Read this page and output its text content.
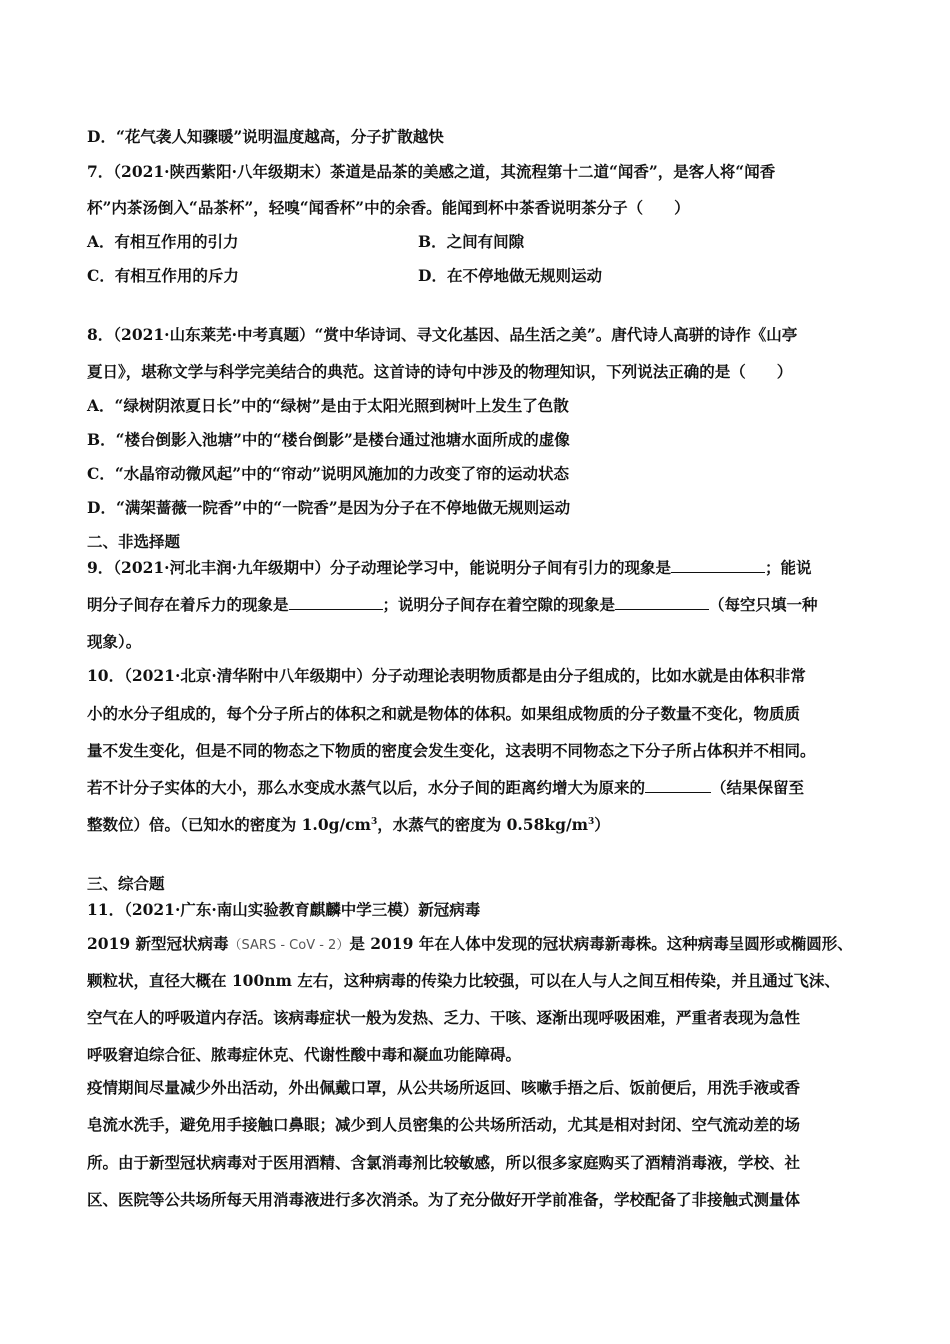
D．“花气袭人知骤暖”说明温度越高，分子扩散越快
7．（2021·陕西紫阳·八年级期末）茶道是品茶的美感之道，其流程第十二道“闻香”，是客人将“闻香
杯”内茶汤倒入“品茶杯”，轻嗅“闻香杯”中的余香。能闻到杯中茶香说明茶分子（　　）
A．有相互作用的引力	B．之间有间隙
C．有相互作用的斥力	D．在不停地做无规则运动
8．（2021·山东莱芜·中考真题）“赏中华诗词、寻文化基因、品生活之美”。唐代诗人高骈的诗作《山亭
夏日》，堪称文学与科学完美结合的典范。这首诗的诗句中涉及的物理知识，下列说法正确的是（　　）
A．“绿树阴浓夏日长”中的“绿树”是由于太阳光照到树叶上发生了色散
B．“楼台倒影入池塘”中的“楼台倒影”是楼台通过池塘水面所成的虚像
C．“水晶帘动微风起”中的“帘动”说明风施加的力改变了帘的运动状态
D．“满架蔷薇一院香”中的“一院香”是因为分子在不停地做无规则运动
二、非选择题
9．（2021·河北丰润·九年级期中）分子动理论学习中，能说明分子间有引力的现象是	；能说
明分子间存在着斥力的现象是	；说明分子间存在着空隙的现象是	（每空只填一种
现象）。
10．（2021·北京·清华附中八年级期中）分子动理论表明物质都是由分子组成的，比如水就是由体积非常
小的水分子组成的，每个分子所占的体积之和就是物体的体积。如果组成物质的分子数量不变化，物质质
量不发生变化，但是不同的物态之下物质的密度会发生变化，这表明不同物态之下分子所占体积并不相同。
若不计分子实体的大小，那么水变成水蒸气以后，水分子间的距离约增大为原来的	（结果保留至
整数位）倍。（已知水的密度为 $1.0g/cm^3$，水蒸气的密度为 $0.58kg/m^3$）
三、综合题
11．（2021·广东·南山实验教育麒麟中学三模）新冠病毒
2019 新型冠状病毒（SARS - CoV - 2）是 2019 年在人体中发现的冠状病毒新毒株。这种病毒呈圆形或椭圆形、
颗粒状，直径大概在 100nm 左右，这种病毒的传染力比较强，可以在人与人之间互相传染，并且通过飞沫、
空气在人的呼吸道内存活。该病毒症状一般为发热、乏力、干咳、逐渐出现呼吸困难，严重者表现为急性
呼吸窘迫综合征、脓毒症休克、代谢性酸中毒和凝血功能障碍。
疫情期间尽量减少外出活动，外出佩戴口罩，从公共场所返回、咳嗽手捂之后、饭前便后，用洗手液或香
皂流水洗手，避免用手接触口鼻眼；减少到人员密集的公共场所活动，尤其是相对封闭、空气流动差的场
所。由于新型冠状病毒对于医用酒精、含氯消毒剂比较敏感，所以很多家庭购买了酒精消毒液，学校、社
区、医院等公共场所每天用消毒液进行多次消杀。为了充分做好开学前准备，学校配备了非接触式测量体
